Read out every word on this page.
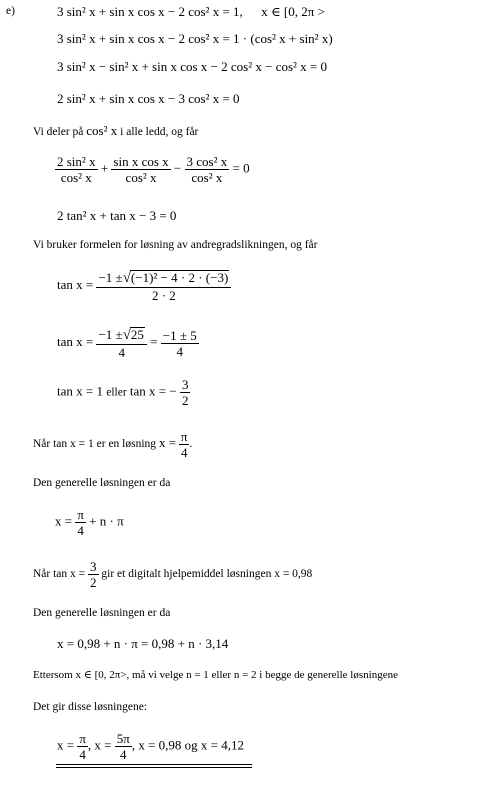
e)	3 sin² x + sin x cos x − 2 cos² x = 1, x ∈ [0, 2π >
3 sin² x + sin x cos x − 2 cos² x = 1 · (cos² x + sin² x)
3 sin² x − sin² x + sin x cos x − 2 cos² x − cos² x = 0
2 sin² x + sin x cos x − 3 cos² x = 0
Vi deler på cos² x i alle ledd, og får
$\frac{\text{2 sin² x}}{\text{cos² x}} + \frac{\text{sin x cos x}}{\text{cos² x}} - \frac{\text{3 cos² x}}{\text{cos² x}} = 0$
2 tan² x + tan x − 3 = 0
Vi bruker formelen for løsning av andregradslikningen, og får
$\tan x = \frac{\text{−1 ±√(−1)² − 4 · 2 · (−3)}}{2 \cdot 2}$
$\tan x = \frac{-1 \pm√25}{4} = \frac{-1 \pm 5}{4}$
tan x = 1 eller tan x = − $\frac{3}{2}$
Når tan x = 1 er en løsning $x = \frac{\pi}{4}$ .
Den generelle løsningen er da
$x = \frac{\pi}{4} + n \cdot \pi$
Når $\tan x = \frac{3}{2}$ gir et digitalt hjelpemiddel løsningen x = 0,98
Den generelle løsningen er da
x = 0,98 + n · π = 0,98 + n · 3,14
Ettersom x ∈ [0, 2π>, må vi velge n = 1 eller n = 2 i begge de generelle løsningene
Det gir disse løsningene:
$x = \frac{\pi}{4}$ , $x = \frac{5\pi}{4}$ , x = 0,98 og x = 4,12
